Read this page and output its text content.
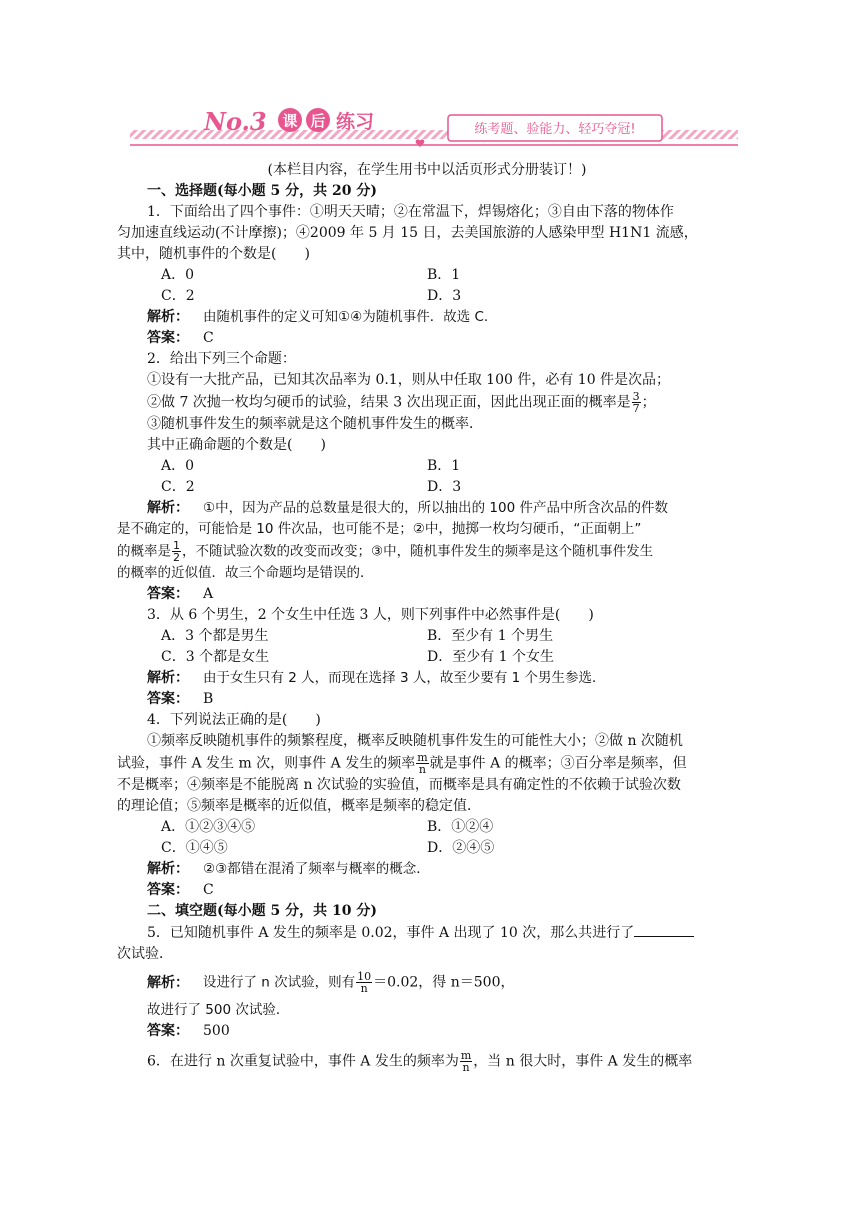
No.3 课 后 练习	练考题、验能力、轻巧夺冠!
(本栏目内容，在学生用书中以活页形式分册装订！)
一、选择题(每小题 5 分，共 20 分)
1．下面给出了四个事件：①明天天晴；②在常温下，焊锡熔化；③自由下落的物体作
匀加速直线运动(不计摩擦)；④2009 年 5 月 15 日，去美国旅游的人感染甲型 H1N1 流感，
其中，随机事件的个数是(　　)
A．0	B．1
C．2	D．3
解析： 由随机事件的定义可知①④为随机事件．故选 C.
答案： C
2．给出下列三个命题：
①设有一大批产品，已知其次品率为 0.1，则从中任取 100 件，必有 10 件是次品；
②做 7 次抛一枚均匀硬币的试验，结果 3 次出现正面，因此出现正面的概率是 $\frac{3}{7}$ ；
③随机事件发生的频率就是这个随机事件发生的概率．
其中正确命题的个数是(　　)
A．0	B．1
C．2	D．3
解析： ①中，因为产品的总数量是很大的，所以抽出的 100 件产品中所含次品的件数
是不确定的，可能恰是 10 件次品，也可能不是；②中，抛掷一枚均匀硬币，“正面朝上”
的概率是 $\frac{1}{2}$ ，不随试验次数的改变而改变；③中，随机事件发生的频率是这个随机事件发生
的概率的近似值．故三个命题均是错误的．
答案： A
3．从 6 个男生，2 个女生中任选 3 人，则下列事件中必然事件是(　　)
A．3 个都是男生	B．至少有 1 个男生
C．3 个都是女生	D．至少有 1 个女生
解析： 由于女生只有 2 人，而现在选择 3 人，故至少要有 1 个男生参选．
答案： B
4．下列说法正确的是(　　)
①频率反映随机事件的频繁程度，概率反映随机事件发生的可能性大小；②做 n 次随机
试验，事件 A 发生 m 次，则事件 A 发生的频率 $\frac{m}{n}$ 就是事件 A 的概率；③百分率是频率，但
不是概率；④频率是不能脱离 n 次试验的实验值，而概率是具有确定性的不依赖于试验次数
的理论值；⑤频率是概率的近似值，概率是频率的稳定值．
A．①②③④⑤	B．①②④
C．①④⑤	D．②④⑤
解析： ②③都错在混淆了频率与概率的概念．
答案： C
二、填空题(每小题 5 分，共 10 分)
5．已知随机事件 A 发生的频率是 0.02，事件 A 出现了 10 次，那么共进行了
次试验．
解析： 设进行了 n 次试验，则有 $\frac{10}{n} =0.02$，得 n＝500，
故进行了 500 次试验．
答案： 500
6．在进行 n 次重复试验中，事件 A 发生的频率为 $\frac{m}{n}$ ，当 n 很大时，事件 A 发生的概率
